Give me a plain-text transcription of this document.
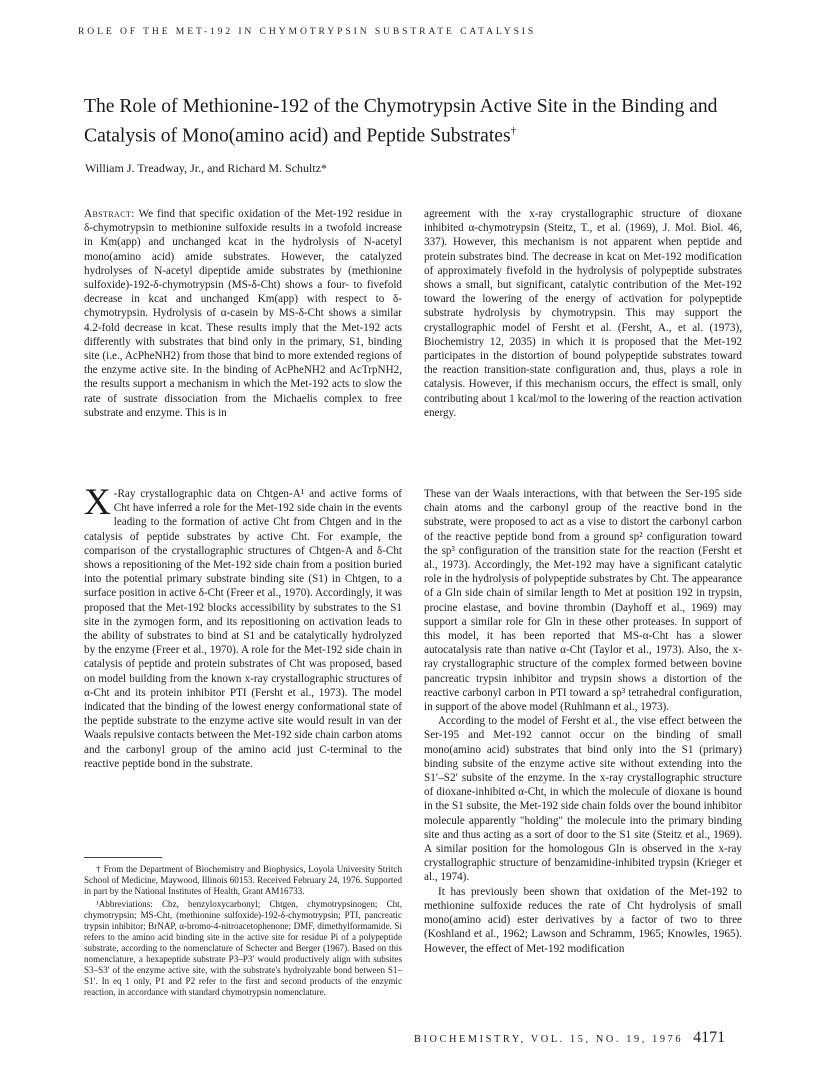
ROLE OF THE MET-192 IN CHYMOTRYPSIN SUBSTRATE CATALYSIS
The Role of Methionine-192 of the Chymotrypsin Active Site in the Binding and Catalysis of Mono(amino acid) and Peptide Substrates†
William J. Treadway, Jr., and Richard M. Schultz*

Abstract: We find that specific oxidation of the Met-192 residue in δ-chymotrypsin to methionine sulfoxide results in a twofold increase in Km(app) and unchanged kcat in the hydrolysis of N-acetyl mono(amino acid) amide substrates. However, the catalyzed hydrolyses of N-acetyl dipeptide amide substrates by (methionine sulfoxide)-192-δ-chymotrypsin (MS-δ-Cht) shows a four- to fivefold decrease in kcat and unchanged Km(app) with respect to δ-chymotrypsin. Hydrolysis of α-casein by MS-δ-Cht shows a similar 4.2-fold decrease in kcat. These results imply that the Met-192 acts differently with substrates that bind only in the primary, S1, binding site (i.e., AcPheNH2) from those that bind to more extended regions of the enzyme active site. In the binding of AcPheNH2 and AcTrpNH2, the results support a mechanism in which the Met-192 acts to slow the rate of sustrate dissociation from the Michaelis complex to free substrate and enzyme. This is in

agreement with the x-ray crystallographic structure of dioxane inhibited α-chymotrypsin (Steitz, T., et al. (1969), J. Mol. Biol. 46, 337). However, this mechanism is not apparent when peptide and protein substrates bind. The decrease in kcat on Met-192 modification of approximately fivefold in the hydrolysis of polypeptide substrates shows a small, but significant, catalytic contribution of the Met-192 toward the lowering of the energy of activation for polypeptide substrate hydrolysis by chymotrypsin. This may support the crystallographic model of Fersht et al. (Fersht, A., et al. (1973), Biochemistry 12, 2035) in which it is proposed that the Met-192 participates in the distortion of bound polypeptide substrates toward the reaction transition-state configuration and, thus, plays a role in catalysis. However, if this mechanism occurs, the effect is small, only contributing about 1 kcal/mol to the lowering of the reaction activation energy.

X -Ray crystallographic data on Chtgen-A¹ and active forms of Cht have inferred a role for the Met-192 side chain in the events leading to the formation of active Cht from Chtgen and in the catalysis of peptide substrates by active Cht. For example, the comparison of the crystallographic structures of Chtgen-A and δ-Cht shows a repositioning of the Met-192 side chain from a position buried into the potential primary substrate binding site (S1) in Chtgen, to a surface position in active δ-Cht (Freer et al., 1970). Accordingly, it was proposed that the Met-192 blocks accessibility by substrates to the S1 site in the zymogen form, and its repositioning on activation leads to the ability of substrates to bind at S1 and be catalytically hydrolyzed by the enzyme (Freer et al., 1970). A role for the Met-192 side chain in catalysis of peptide and protein substrates of Cht was proposed, based on model building from the known x-ray crystallographic structures of α-Cht and its protein inhibitor PTI (Fersht et al., 1973). The model indicated that the binding of the lowest energy conformational state of the peptide substrate to the enzyme active site would result in van der Waals repulsive contacts between the Met-192 side chain carbon atoms and the carbonyl group of the amino acid just C-terminal to the reactive peptide bond in the substrate.

These van der Waals interactions, with that between the Ser-195 side chain atoms and the carbonyl group of the reactive bond in the substrate, were proposed to act as a vise to distort the carbonyl carbon of the reactive peptide bond from a ground sp² configuration toward the sp³ configuration of the transition state for the reaction (Fersht et al., 1973). Accordingly, the Met-192 may have a significant catalytic role in the hydrolysis of polypeptide substrates by Cht. The appearance of a Gln side chain of similar length to Met at position 192 in trypsin, procine elastase, and bovine thrombin (Dayhoff et al., 1969) may support a similar role for Gln in these other proteases. In support of this model, it has been reported that MS-α-Cht has a slower autocatalysis rate than native α-Cht (Taylor et al., 1973). Also, the x-ray crystallographic structure of the complex formed between bovine pancreatic trypsin inhibitor and trypsin shows a distortion of the reactive carbonyl carbon in PTI toward a sp³ tetrahedral configuration, in support of the above model (Ruhlmann et al., 1973).

According to the model of Fersht et al., the vise effect between the Ser-195 and Met-192 cannot occur on the binding of small mono(amino acid) substrates that bind only into the S1 (primary) binding subsite of the enzyme active site without extending into the S1′–S2′ subsite of the enzyme. In the x-ray crystallographic structure of dioxane-inhibited α-Cht, in which the molecule of dioxane is bound in the S1 subsite, the Met-192 side chain folds over the bound inhibitor molecule apparently "holding" the molecule into the primary binding site and thus acting as a sort of door to the S1 site (Steitz et al., 1969). A similar position for the homologous Gln is observed in the x-ray crystallographic structure of benzamidine-inhibited trypsin (Krieger et al., 1974).

It has previously been shown that oxidation of the Met-192 to methionine sulfoxide reduces the rate of Cht hydrolysis of small mono(amino acid) ester derivatives by a factor of two to three (Koshland et al., 1962; Lawson and Schramm, 1965; Knowles, 1965). However, the effect of Met-192 modification

† From the Department of Biochemistry and Biophysics, Loyola University Stritch School of Medicine, Maywood, Illinois 60153. Received February 24, 1976. Supported in part by the National Institutes of Health, Grant AM16733.

¹Abbreviations: Cbz, benzyloxycarbonyl; Chtgen, chymotrypsinogen; Cht, chymotrypsin; MS-Cht, (methionine sulfoxide)-192-δ-chymotrypsin; PTI, pancreatic trypsin inhibitor; BrNAP, α-bromo-4-nitroacetophenone; DMF, dimethylformamide. Si refers to the amino acid binding site in the active site for residue Pi of a polypeptide substrate, according to the nomenclature of Schecter and Berger (1967). Based on this nomenclature, a hexapeptide substrate P3–P3′ would productively align with subsites S3–S3′ of the enzyme active site, with the substrate's hydrolyzable bond between S1–S1′. In eq 1 only, P1 and P2 refer to the first and second products of the enzymic reaction, in accordance with standard chymotrypsin nomenclature.

BIOCHEMISTRY, VOL. 15, NO. 19, 1976 4171
